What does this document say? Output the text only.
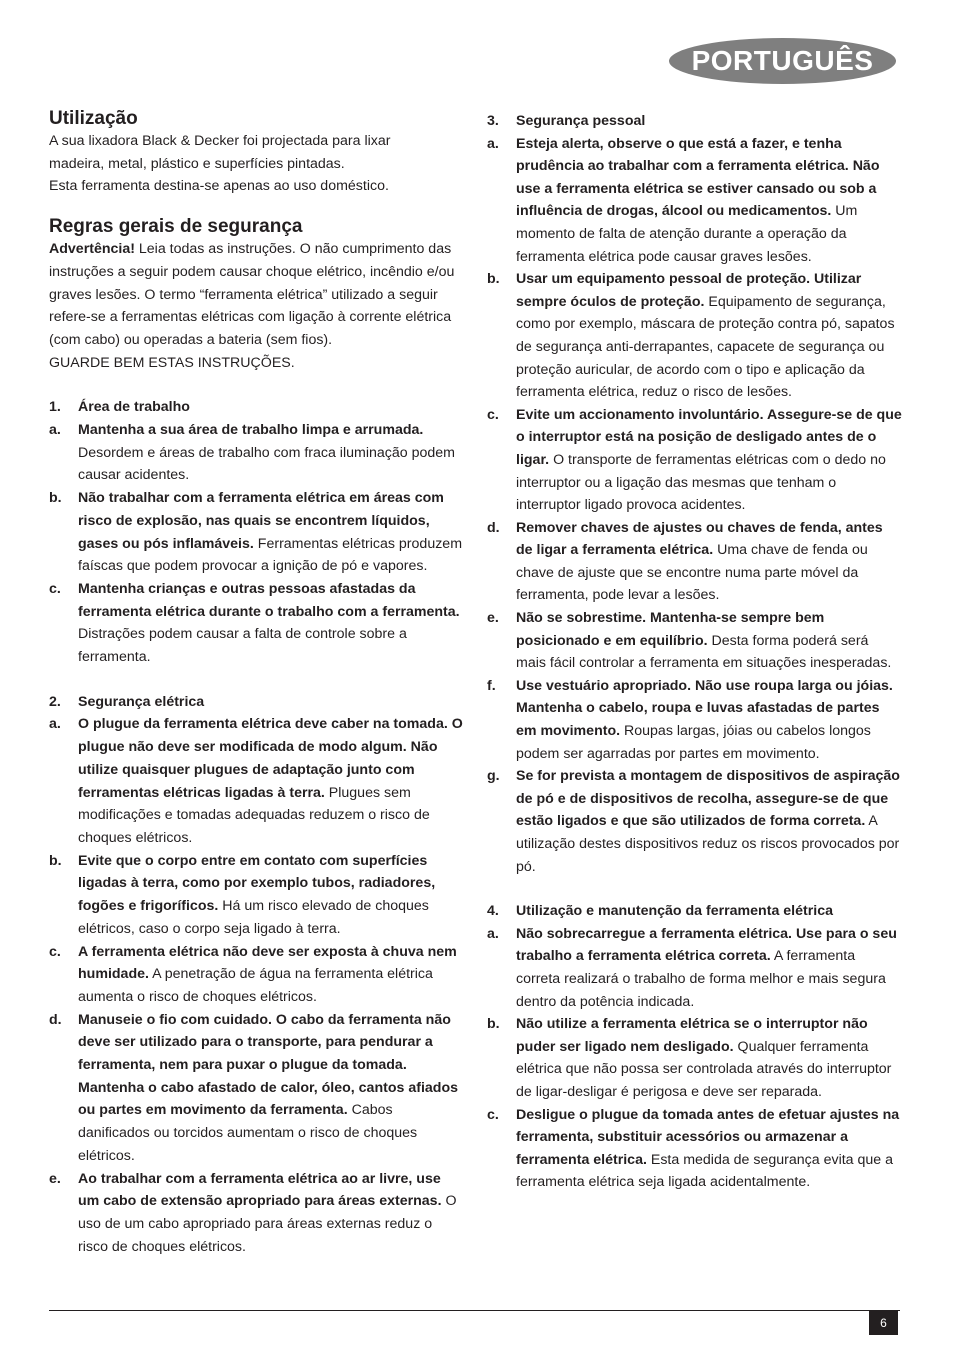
PORTUGUÊS
Utilização

A sua lixadora Black & Decker foi projectada para lixar

madeira, metal, plástico e superfícies pintadas.

Esta ferramenta destina-se apenas ao uso doméstico.

Regras gerais de segurança

Advertência! Leia todas as instruções. O não cumprimento das instruções a seguir podem causar choque elétrico, incêndio e/ou graves lesões. O termo “ferramenta elétrica” utilizado a seguir refere-se a ferramentas elétricas com ligação à corrente elétrica (com cabo) ou operadas a bateria (sem fios).

GUARDE BEM ESTAS INSTRUÇÕES.

1.	Área de trabalho
a.	Mantenha a sua área de trabalho limpa e arrumada. Desordem e áreas de trabalho com fraca iluminação podem causar acidentes.
b.	Não trabalhar com a ferramenta elétrica em áreas com risco de explosão, nas quais se encontrem líquidos, gases ou pós inflamáveis. Ferramentas elétricas produzem faíscas que podem provocar a ignição de pó e vapores.
c.	Mantenha crianças e outras pessoas afastadas da ferramenta elétrica durante o trabalho com a ferramenta. Distrações podem causar a falta de controle sobre a ferramenta.
2.	Segurança elétrica
a.	O plugue da ferramenta elétrica deve caber na tomada. O plugue não deve ser modificada de modo algum. Não utilize quaisquer plugues de adaptação junto com ferramentas elétricas ligadas à terra. Plugues sem modificações e tomadas adequadas reduzem o risco de choques elétricos.
b.	Evite que o corpo entre em contato com superfícies ligadas à terra, como por exemplo tubos, radiadores, fogões e frigoríficos. Há um risco elevado de choques elétricos, caso o corpo seja ligado à terra.
c.	A ferramenta elétrica não deve ser exposta à chuva nem humidade. A penetração de água na ferramenta elétrica aumenta o risco de choques elétricos.
d.	Manuseie o fio com cuidado. O cabo da ferramenta não deve ser utilizado para o transporte, para pendurar a ferramenta, nem para puxar o plugue da tomada. Mantenha o cabo afastado de calor, óleo, cantos afiados ou partes em movimento da ferramenta. Cabos danificados ou torcidos aumentam o risco de choques elétricos.
e.	Ao trabalhar com a ferramenta elétrica ao ar livre, use um cabo de extensão apropriado para áreas externas. O uso de um cabo apropriado para áreas externas reduz o risco de choques elétricos.
3.	Segurança pessoal
a.	Esteja alerta, observe o que está a fazer, e tenha prudência ao trabalhar com a ferramenta elétrica. Não use a ferramenta elétrica se estiver cansado ou sob a influência de drogas, álcool ou medicamentos. Um momento de falta de atenção durante a operação da ferramenta elétrica pode causar graves lesões.
b.	Usar um equipamento pessoal de proteção. Utilizar sempre óculos de proteção. Equipamento de segurança, como por exemplo, máscara de proteção contra pó, sapatos de segurança anti-derrapantes, capacete de segurança ou proteção auricular, de acordo com o tipo e aplicação da ferramenta elétrica, reduz o risco de lesões.
c.	Evite um accionamento involuntário. Assegure-se de que o interruptor está na posição de desligado antes de o ligar. O transporte de ferramentas elétricas com o dedo no interruptor ou a ligação das mesmas que tenham o interruptor ligado provoca acidentes.
d.	Remover chaves de ajustes ou chaves de fenda, antes de ligar a ferramenta elétrica. Uma chave de fenda ou chave de ajuste que se encontre numa parte móvel da ferramenta, pode levar a lesões.
e.	Não se sobrestime. Mantenha-se sempre bem posicionado e em equilíbrio. Desta forma poderá será mais fácil controlar a ferramenta em situações inesperadas.
f.	Use vestuário apropriado. Não use roupa larga ou jóias. Mantenha o cabelo, roupa e luvas afastadas de partes em movimento. Roupas largas, jóias ou cabelos longos podem ser agarradas por partes em movimento.
g.	Se for prevista a montagem de dispositivos de aspiração de pó e de dispositivos de recolha, assegure-se de que estão ligados e que são utilizados de forma correta. A utilização destes dispositivos reduz os riscos provocados por pó.
4.	Utilização e manutenção da ferramenta elétrica
a.	Não sobrecarregue a ferramenta elétrica. Use para o seu trabalho a ferramenta elétrica correta. A ferramenta correta realizará o trabalho de forma melhor e mais segura dentro da potência indicada.
b.	Não utilize a ferramenta elétrica se o interruptor não puder ser ligado nem desligado. Qualquer ferramenta elétrica que não possa ser controlada através do interruptor de ligar-desligar é perigosa e deve ser reparada.
c.	Desligue o plugue da tomada antes de efetuar ajustes na ferramenta, substituir acessórios ou armazenar a ferramenta elétrica. Esta medida de segurança evita que a ferramenta elétrica seja ligada acidentalmente.
6
